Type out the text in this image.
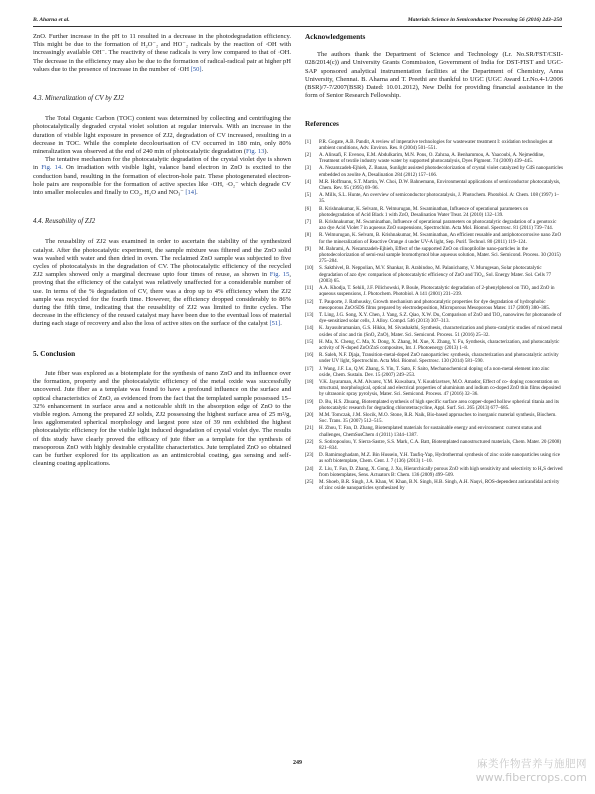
B. Aharna et al.	Materials Science in Semiconductor Processing 56 (2016) 243–250

ZnO. Further increase in the pH to 11 resulted in a decrease in the photodegradation efficiency. This might be due to the formation of H₂O⁻₂ and HO⁻₂ radicals by the reaction of ·OH with increasingly available OH⁻. The reactivity of these radicals is very low compared to that of ·OH. The decrease in the efficiency may also be due to the formation of radical-radical pair at higher pH values due to the presence of increase in the number of ·OH [50].

4.3. Mineralization of CV by ZJ2

The Total Organic Carbon (TOC) content was determined by collecting and centrifuging the photocatalytically degraded crystal violet solution at regular intervals. With an increase in the duration of visible light exposure in presence of ZJ2, degradation of CV increased, resulting in a decrease in TOC. While the complete decolourisation of CV occurred in 180 min, only 80% mineralization was observed at the end of 240 min of photocatalytic degradation (Fig. 13).

The tentative mechanism for the photocatalytic degradation of the crystal violet dye is shown in Fig. 14. On irradiation with visible light, valance band electron in ZnO is excited to the conduction band, resulting in the formation of electron-hole pair. These photogenerated electron-hole pairs are responsible for the formation of active species like ·OH, ·O₂⁻ which degrade CV into smaller molecules and finally to CO₂, H₂O and NO₃⁻ [14].

4.4. Reusability of ZJ2

The reusability of ZJ2 was examined in order to ascertain the stability of the synthesized catalyst. After the photocatalytic experiment, the sample mixture was filtered and the ZnO solid was washed with water and then dried in oven. The reclaimed ZnO sample was subjected to five cycles of photocatalysis in the degradation of CV. The photocatalytic efficiency of the recycled ZJ2 samples showed only a marginal decrease upto four times of reuse, as shown in Fig. 15, proving that the efficiency of the catalyst was relatively unaffected for a considerable number of use. In terms of the % degradation of CV, there was a drop up to 4% efficiency when the ZJ2 sample was recycled for the fourth time. However, the efficiency dropped considerably to 86% during the fifth time, indicating that the reusability of ZJ2 was limited to finite cycles. The decrease in the efficiency of the reused catalyst may have been due to the eventual loss of material during each stage of recovery and also the loss of active sites on the surface of the catalyst [51].

5. Conclusion

Jute fiber was explored as a biotemplate for the synthesis of nano ZnO and its influence over the formation, property and the photocatalytic efficiency of the metal oxide was successfully uncovered. Jute fiber as a template was found to have a profound influence on the surface and optical characteristics of ZnO, as evidenced from the fact that the templated sample possessed 15–32% enhancement in surface area and a noticeable shift in the absorption edge of ZnO to the visible region. Among the prepared ZJ solids, ZJ2 possessing the highest surface area of 25 m²/g, less agglomerated spherical morphology and largest pore size of 39 nm exhibited the highest photocatalytic efficiency for the visible light induced degradation of crystal violet dye. The results of this study have clearly proved the efficacy of jute fiber as a template for the synthesis of mesoporous ZnO with highly desirable crystallite characteristics. Jute templated ZnO so obtained can be further explored for its application as an antimicrobial coating, gas sensing and self-cleaning coating applications.

Acknowledgements

The authors thank the Department of Science and Technology (Lr. No.SR/FST/CSII- 028/2014(c)) and University Grants Commission, Government of India for DST-FIST and UGC-SAP sponsored analytical instrumentation facilities at the Department of Chemistry, Anna University, Chennai. B. Aharna and T. Preethi are thankful to UGC (UGC Award Lr.No.4-1/2006 (BSR)/7-7/2007(BSR) Dated: 10.01.2012), New Delhi for providing financial assistance in the form of Senior Research Fellowship.

References

[1]	P.R. Gogate, A.B. Pandit, A review of imperative technologies for wastewater treatment I: oxidation technologies at ambient conditions, Adv. Environ. Res. 8 (2004) 501–551.
[2]	A. Alinsafi, F. Evenou, E.M. Abdulkarim, M.N. Pons, O. Zahraa, A. Benhammou, A. Yaacoubi, A. Nejmeddine, Treatment of textile industry waste water by supported photocatalysis, Dyes Pigment. 74 (2009) 439–445.
[3]	A. Nezamzadeh-Ejhieh, Z. Banan, Sunlight assisted photodecolorization of crystal violet catalyzed by CdS nanoparticles embedded on zeolite A, Desalination 284 (2012) 157–166.
[4]	M.R. Hoffmann, S.T. Martin, W. Choi, D.W. Bahnemann, Environmental applications of semiconductor photocatalysis, Chem. Rev. 95 (1995) 69–96.
[5]	A. Mills, S.L. Hunte, An overview of semiconductor photocatalysis, J. Photochem. Photobiol. A: Chem. 108 (1997) 1–35.
[6]	B. Krishnakumar, K. Selvam, R. Velmurugan, M. Swaminathan, Influence of operational parameters on photodegradation of Acid Black 1 with ZnO, Desalination Water Treat. 24 (2010) 132–139.
[7]	B. Krishnakumar, M. Swaminathan, Influence of operational parameters on photocatalytic degradation of a genotoxic azo dye Acid Violet 7 in aqueous ZnO suspensions, Spectrochim. Acta Mol. Biomol. Spectrosc. 81 (2011) 739–744.
[8]	R. Velmurugan, K. Selvam, B. Krishnakumar, M. Swaminathan, An efficient reusable and antiphotocorrosive nano ZnO for the mineralization of Reactive Orange 4 under UV-A light, Sep. Purif. Technol. 80 (2011) 119–124.
[9]	M. Bahrami, A. Nezamzadeh-Ejhieh, Effect of the supported ZnO on clinoptilolite nano-particles in the photodecolorization of semi-real sample bromothymol blue aqueous solution, Mater. Sci. Semicond. Process. 30 (2015) 275–284.
[10]	S. Sakthivel, B. Neppolian, M.V. Shankar, B. Arabindoo, M. Palanichamy, V. Murugesan, Solar photocatalytic degradation of azo dye: comparison of photocatalytic efficiency of ZnO and TiO₂, Sol. Energy Mater. Sol. Cells 77 (2003) 65.
[11]	A.A. Khodja, T. Sehili, J.F. Pilichowski, P. Boule, Photocatalytic degradation of 2-phenylphenol on TiO₂ and ZnO in aqueous suspensions, J. Photochem. Photobiol. A 141 (2001) 231–239.
[12]	T. Pauporte, J. Rathousky, Growth mechanism and photocatalytic properties for dye degradation of hydrophobic mesoporous ZnO/SDS films prepared by electrodeposition, Microporous Mesoporous Mater. 117 (2009) 380–385.
[13]	T. Ling, J.G. Song, X.Y. Chen, J. Yang, S.Z. Qiao, X.W. Du, Comparison of ZnO and TiO₂ nanowires for photoanode of dye-sensitized solar cells, J. Alloy. Compd. 546 (2013) 307–313.
[14]	K. Jayasubramanian, G.S. Hikku, M. Sivashakthi, Synthesis, characterization and photo-catalytic studies of mixed metal oxides of zinc and tin (SnO₂ ZnO), Mater. Sci. Semicond. Process. 51 (2016) 25–32.
[15]	H. Ma, X. Cheng, C. Ma, X. Dong, X. Zhang, M. Xue, X. Zhang, Y. Fu, Synthesis, characterization, and photocatalytic activity of N-doped ZnO/ZnS composites, Int. J. Photoenergy (2013) 1–8.
[16]	R. Saleh, N.F. Djaja, Transition-metal-doped ZnO nanoparticles: synthesis, characterization and photocatalytic activity under UV light, Spectrochim. Acta Mol. Biomol. Spectrosc. 130 (2014) 581–590.
[17]	J. Wang, J.F. Lu, Q.W. Zhang, S. Yin, T. Sato, F. Saito, Mechanochemical doping of a non-metal element into zinc oxide, Chem. Sustain. Dev. 15 (2007) 249–253.
[18]	V.K. Jayaraman, A.M. Alvarez, Y.M. Kuwabara, Y. Koudriavtsev, M.O. Amador, Effect of co- doping concentration on structural, morphological, optical and electrical properties of aluminium and indium co-doped ZnO thin films deposited by ultrasonic spray pyrolysis, Mater. Sci. Semicond. Process. 47 (2016) 32–36.
[19]	D. Bu, H.S. Zhuang, Biotemplated synthesis of high specific surface area copper-doped hollow spherical titania and its photocatalytic research for degrading chlorotetracycline, Appl. Surf. Sci. 265 (2013) 677–685.
[20]	M.M. Tomczak, J.M. Slocik, M.O. Stone, R.R. Naik, Bio-based approaches to inorganic material synthesis, Biochem. Soc. Trans. 35 (2007) 512–515.
[21]	H. Zhou, T. Fan, D. Zhang, Biotemplated materials for sustainable energy and environment: current status and challenges, ChemSusChem 4 (2011) 1344–1387.
[22]	S. Sotiropoulou, Y. Sierra-Sastre, S.S. Mark, C.A. Batt, Biotemplated nanostructured materials, Chem. Mater. 20 (2008) 821–834.
[23]	D. Ramimoghadam, M.Z. Bin Hussein, Y.H. Taufiq-Yap, Hydrothermal synthesis of zinc oxide nanoparticles using rice as soft biotemplate, Chem. Cent. J. 7 (136) (2013) 1–10.
[24]	Z. Liu, T. Fan, D. Zhang, X. Gong, J. Xu, Hierarchically porous ZnO with high sensitivity and selectivity to H₂S derived from biotemplates, Sens. Actuators B: Chem. 136 (2009) 499–509.
[25]	M. Shoeb, B.R. Singh, J.A. Khan, W. Khan, B.N. Singh, H.B. Singh, A.H. Naqvi, ROS-dependent anticandidal activity of zinc oxide nanoparticles synthesized by
249	麻类作物营养与施肥网
www.fibercrops.com
